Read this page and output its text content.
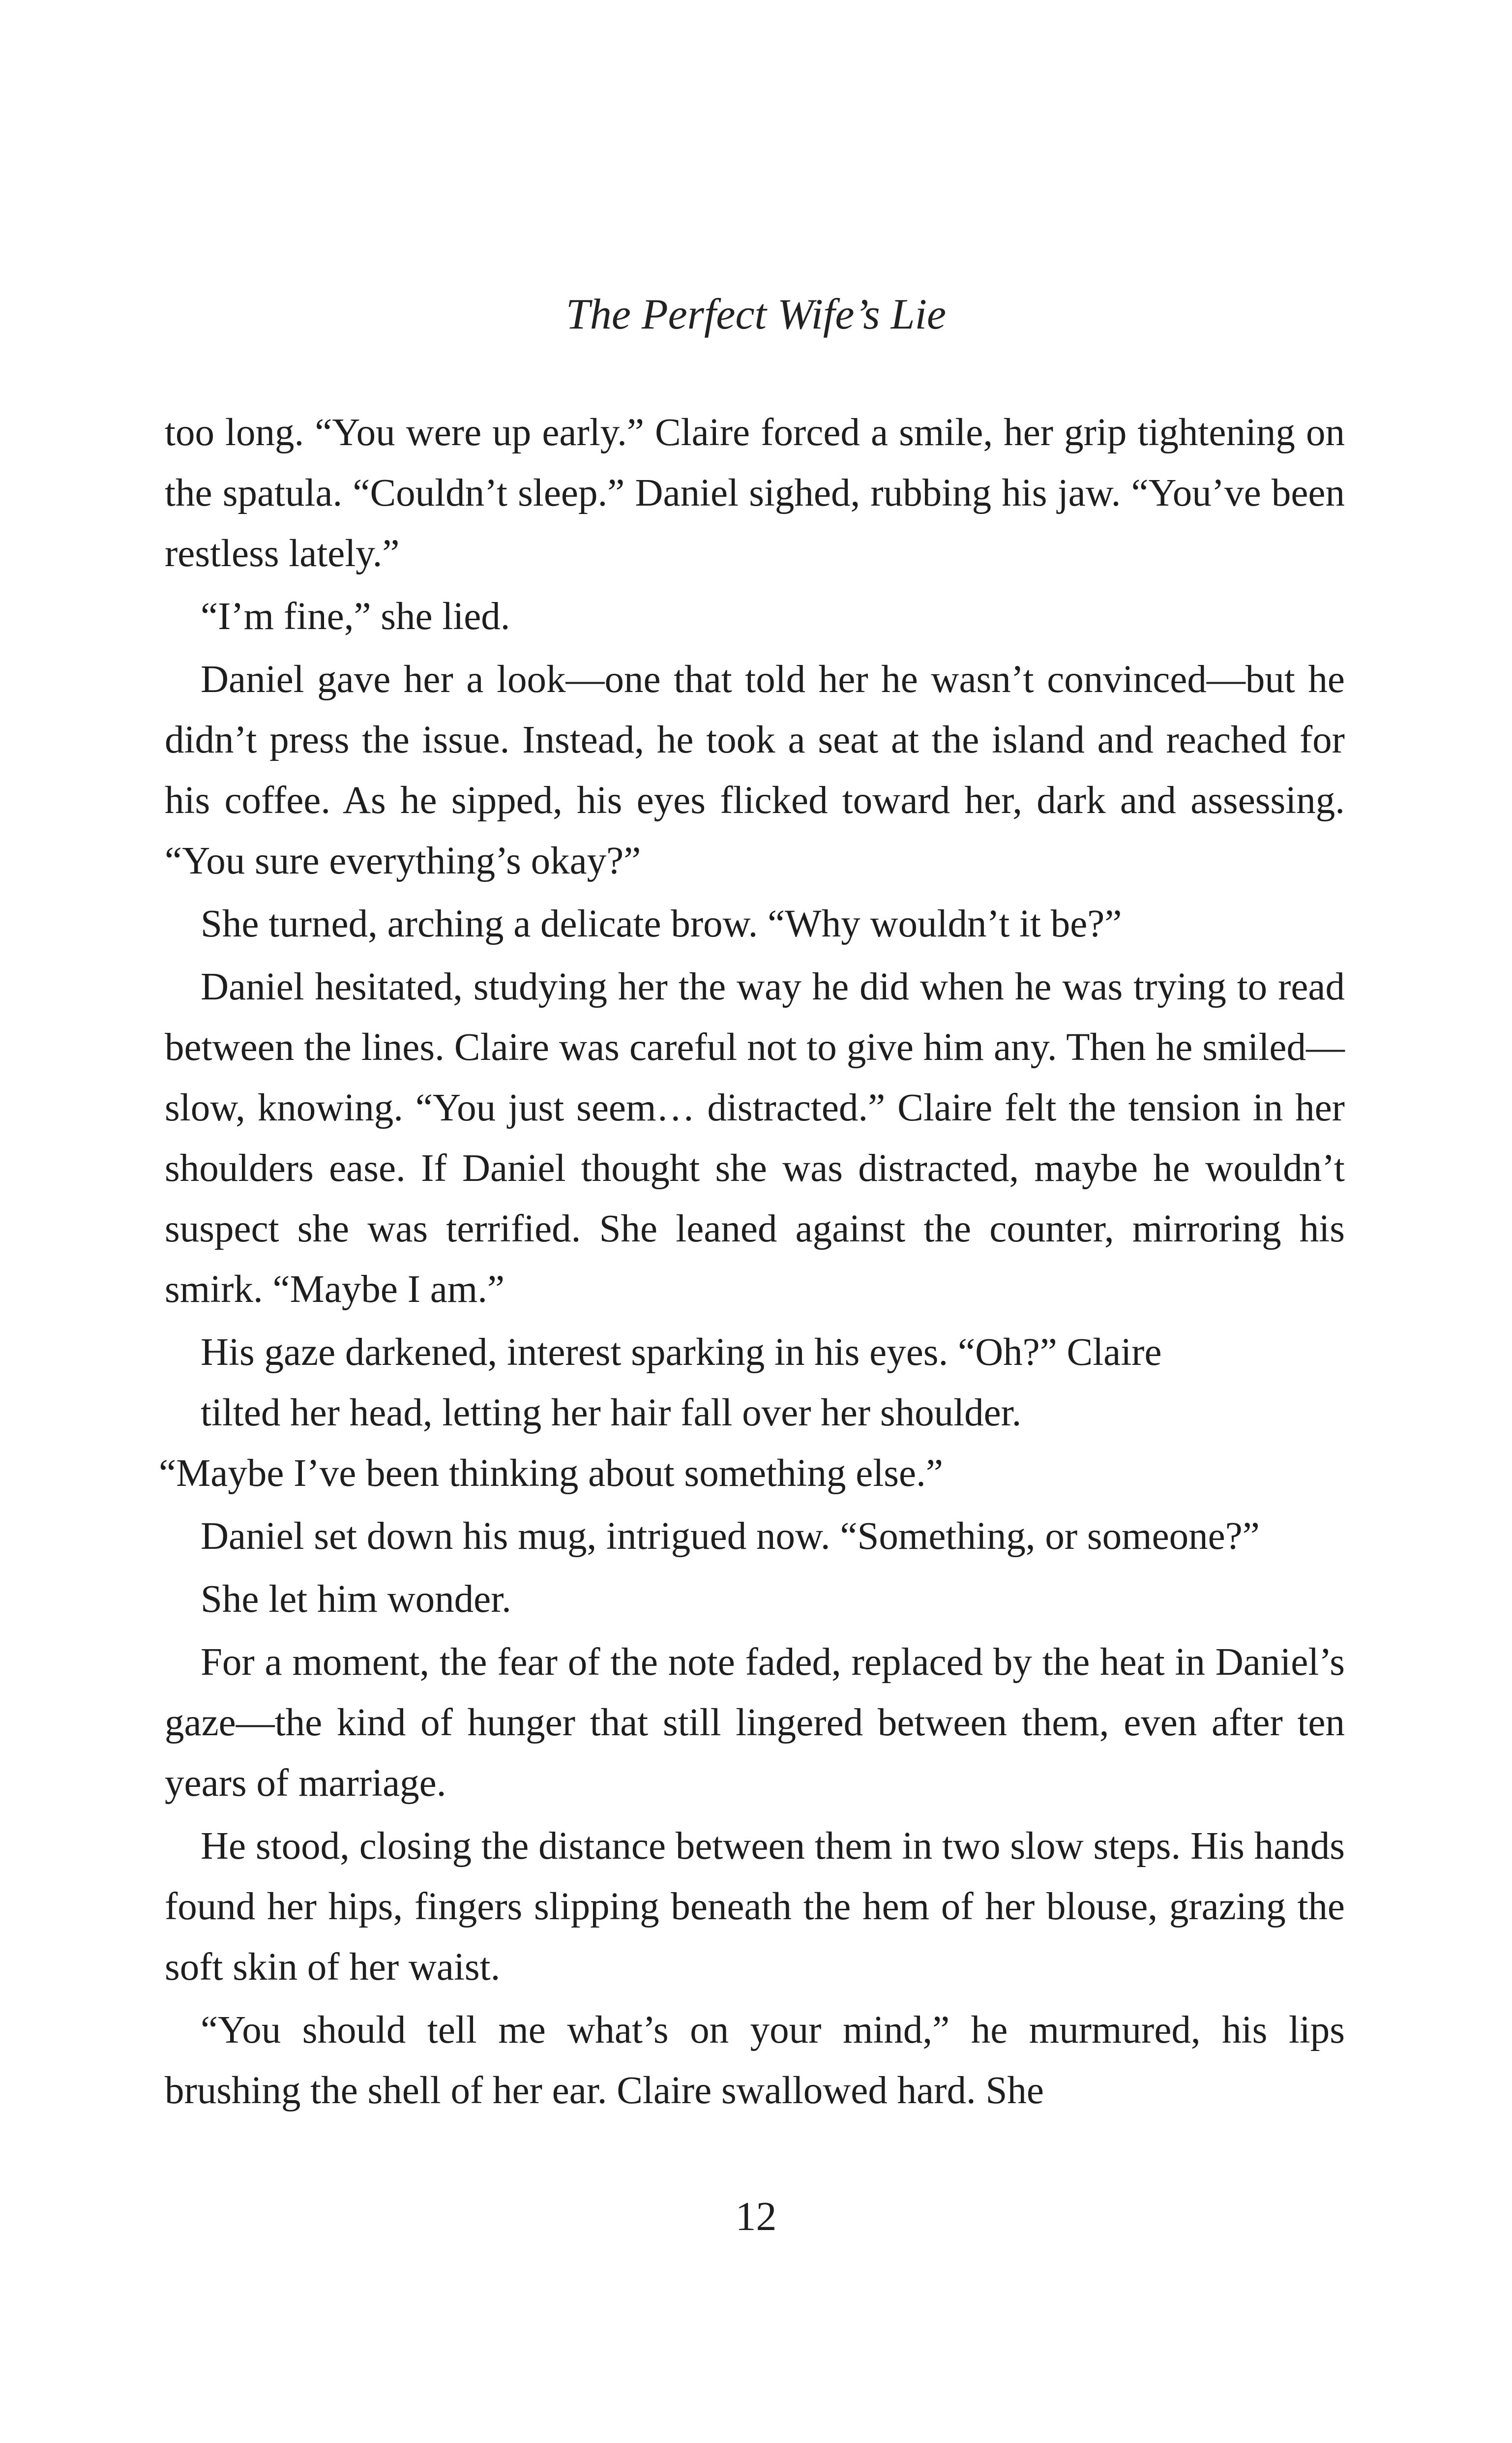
The Perfect Wife’s Lie

too long. “You were up early.” Claire forced a smile, her grip tightening on the spatula. “Couldn’t sleep.” Daniel sighed, rubbing his jaw. “You’ve been restless lately.”

“I’m fine,” she lied.

Daniel gave her a look—one that told her he wasn’t convinced—but he didn’t press the issue. Instead, he took a seat at the island and reached for his coffee. As he sipped, his eyes flicked toward her, dark and assessing. “You sure everything’s okay?”

She turned, arching a delicate brow. “Why wouldn’t it be?”

Daniel hesitated, studying her the way he did when he was trying to read between the lines. Claire was careful not to give him any. Then he smiled—slow, knowing. “You just seem… distracted.” Claire felt the tension in her shoulders ease. If Daniel thought she was distracted, maybe he wouldn’t suspect she was terrified. She leaned against the counter, mirroring his smirk. “Maybe I am.”

His gaze darkened, interest sparking in his eyes. “Oh?” Claire

tilted her head, letting her hair fall over her shoulder.

“Maybe I’ve been thinking about something else.”

Daniel set down his mug, intrigued now. “Something, or someone?”

She let him wonder.

For a moment, the fear of the note faded, replaced by the heat in Daniel’s gaze—the kind of hunger that still lingered between them, even after ten years of marriage.

He stood, closing the distance between them in two slow steps. His hands found her hips, fingers slipping beneath the hem of her blouse, grazing the soft skin of her waist.

“You should tell me what’s on your mind,” he murmured, his lips brushing the shell of her ear. Claire swallowed hard. She

12
